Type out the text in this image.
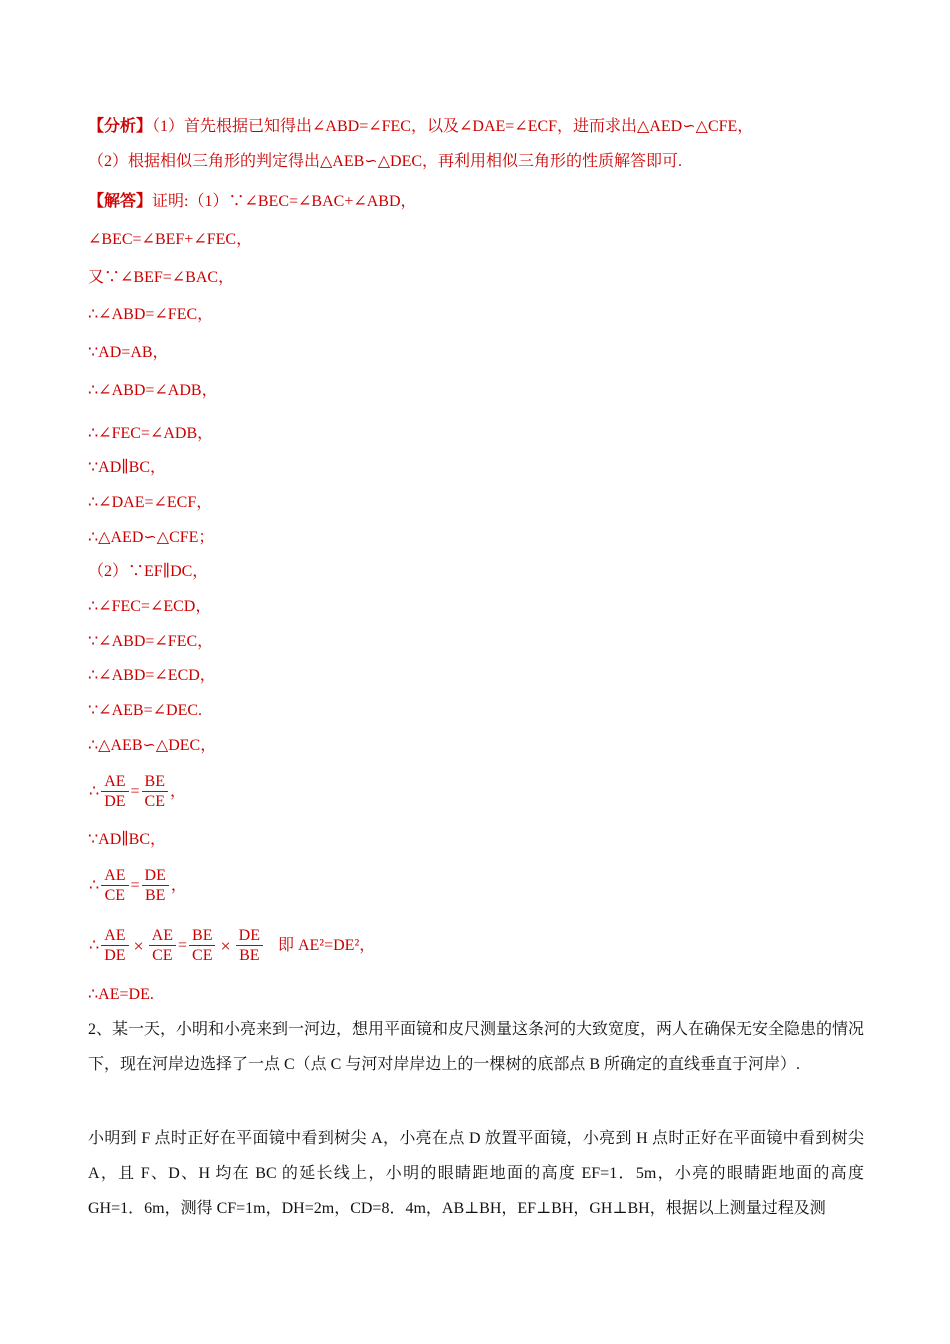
【分析】（1）首先根据已知得出∠ABD=∠FEC，以及∠DAE=∠ECF，进而求出△AED∽△CFE，
（2）根据相似三角形的判定得出△AEB∽△DEC，再利用相似三角形的性质解答即可.
【解答】证明:（1）∵∠BEC=∠BAC+∠ABD，
∠BEC=∠BEF+∠FEC，
又∵∠BEF=∠BAC，
∴∠ABD=∠FEC，
∵AD=AB，
∴∠ABD=∠ADB，
∴∠FEC=∠ADB，
∵AD∥BC，
∴∠DAE=∠ECF，
∴△AED∽△CFE；
（2）∵EF∥DC，
∴∠FEC=∠ECD，
∵∠ABD=∠FEC，
∴∠ABD=∠ECD，
∵∠AEB=∠DEC.
∴△AEB∽△DEC，
∴ $\frac{AE}{DE} = \frac{BE}{CE}$ ，
∵AD∥BC，
∴ $\frac{AE}{CE} = \frac{DE}{BE}$ ，
∴ $\frac{AE}{DE} \times \frac{AE}{CE} = \frac{BE}{CE} \times \frac{DE}{BE}$ 即 AE²=DE²，
∴AE=DE.
2、某一天，小明和小亮来到一河边，想用平面镜和皮尺测量这条河的大致宽度，两人在确保无安全隐患的情况下，现在河岸边选择了一点 C（点 C 与河对岸岸边上的一棵树的底部点 B 所确定的直线垂直于河岸）.
小明到 F 点时正好在平面镜中看到树尖 A，小亮在点 D 放置平面镜，小亮到 H 点时正好在平面镜中看到树尖 A，且 F、D、H 均在 BC 的延长线上，小明的眼睛距地面的高度 EF=1．5m，小亮的眼睛距地面的高度 GH=1．6m，测得 CF=1m，DH=2m，CD=8．4m，AB⊥BH，EF⊥BH，GH⊥BH，根据以上测量过程及测
